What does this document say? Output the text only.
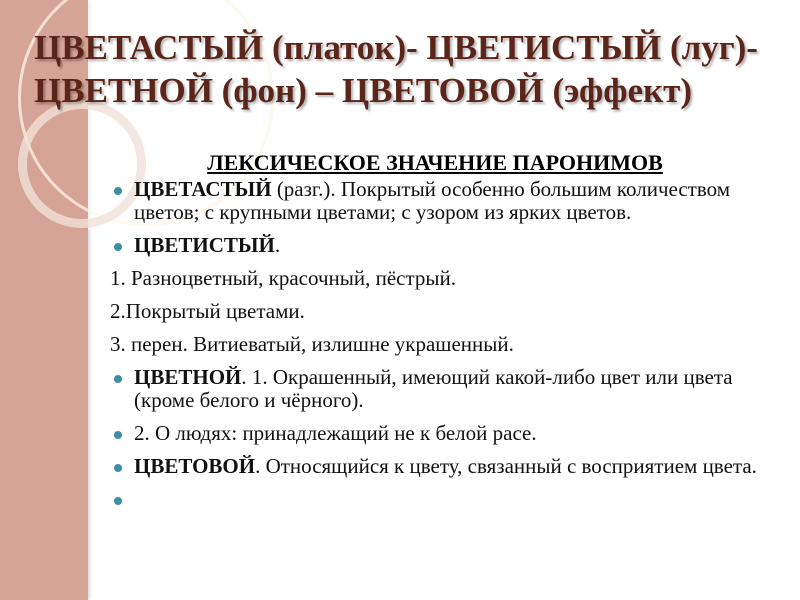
ЦВЕТАСТЫЙ (платок)- ЦВЕТИСТЫЙ (луг)- ЦВЕТНОЙ (фон) – ЦВЕТОВОЙ (эффект)
ЛЕКСИЧЕСКОЕ ЗНАЧЕНИЕ ПАРОНИМОВ
ЦВЕТАСТЫЙ (разг.). Покрытый особенно большим количеством цветов; с крупными цветами; с узором из ярких цветов.
ЦВЕТИСТЫЙ.
1. Разноцветный, красочный, пёстрый.
2.Покрытый цветами.
3. перен. Витиеватый, излишне украшенный.
ЦВЕТНОЙ. 1. Окрашенный, имеющий какой-либо цвет или цвета (кроме белого и чёрного).
2. О людях: принадлежащий не к белой расе.
ЦВЕТОВОЙ. Относящийся к цвету, связанный с восприятием цвета.
